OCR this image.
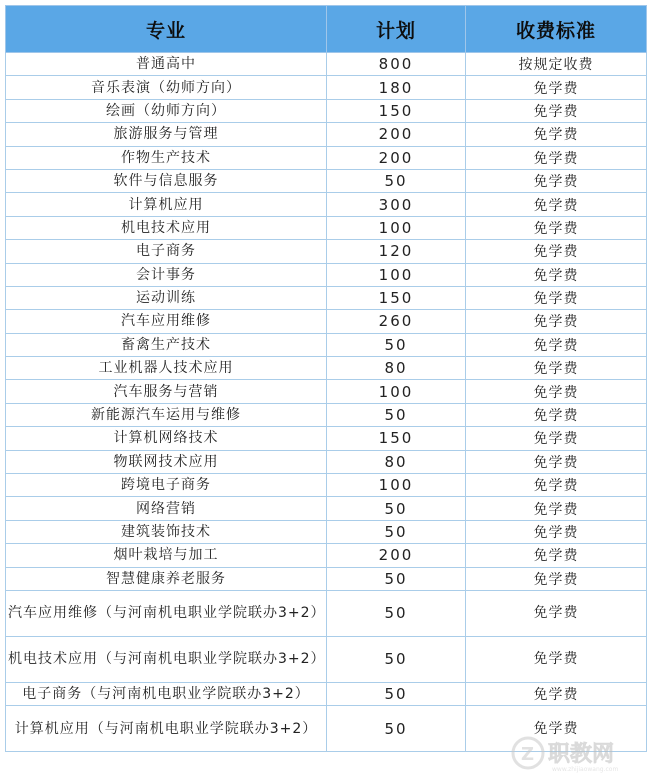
专业	计划	收费标准
普通高中	800	按规定收费
音乐表演（幼师方向）	180	免学费
绘画（幼师方向）	150	免学费
旅游服务与管理	200	免学费
作物生产技术	200	免学费
软件与信息服务	50	免学费
计算机应用	300	免学费
机电技术应用	100	免学费
电子商务	120	免学费
会计事务	100	免学费
运动训练	150	免学费
汽车应用维修	260	免学费
畜禽生产技术	50	免学费
工业机器人技术应用	80	免学费
汽车服务与营销	100	免学费
新能源汽车运用与维修	50	免学费
计算机网络技术	150	免学费
物联网技术应用	80	免学费
跨境电子商务	100	免学费
网络营销	50	免学费
建筑装饰技术	50	免学费
烟叶栽培与加工	200	免学费
智慧健康养老服务	50	免学费
汽车应用维修（与河南机电职业学院联办3+2）	50	免学费
机电技术应用（与河南机电职业学院联办3+2）	50	免学费
电子商务（与河南机电职业学院联办3+2）	50	免学费
计算机应用（与河南机电职业学院联办3+2）	50	免学费
Z 职教网
www.zhijiaowang.com
